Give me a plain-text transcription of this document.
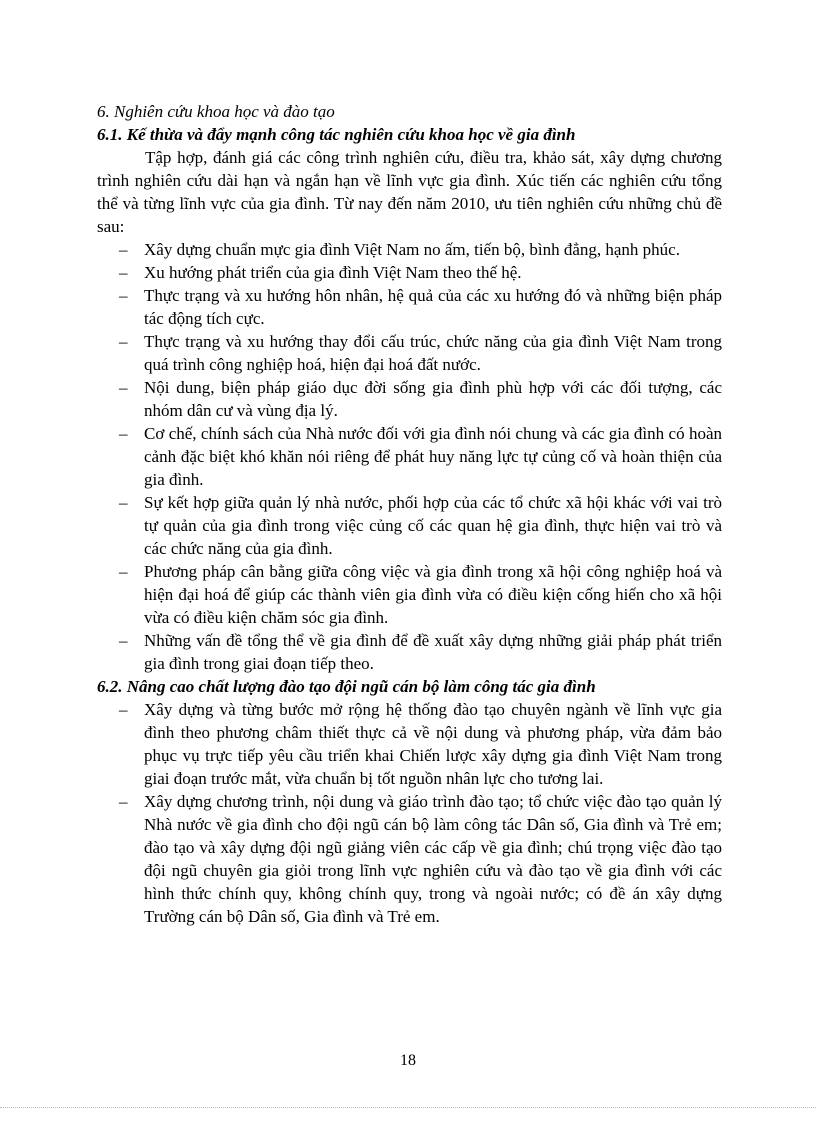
6. Nghiên cứu khoa học và đào tạo

6.1. Kế thừa và đẩy mạnh công tác nghiên cứu khoa học về gia đình

Tập hợp, đánh giá các công trình nghiên cứu, điều tra, khảo sát, xây dựng chương trình nghiên cứu dài hạn và ngắn hạn về lĩnh vực gia đình. Xúc tiến các nghiên cứu tổng thể và từng lĩnh vực của gia đình. Từ nay đến năm 2010, ưu tiên nghiên cứu những chủ đề sau:

– Xây dựng chuẩn mực gia đình Việt Nam no ấm, tiến bộ, bình đẳng, hạnh phúc.
– Xu hướng phát triển của gia đình Việt Nam theo thế hệ.
– Thực trạng và xu hướng hôn nhân, hệ quả của các xu hướng đó và những biện pháp tác động tích cực.
– Thực trạng và xu hướng thay đổi cấu trúc, chức năng của gia đình Việt Nam trong quá trình công nghiệp hoá, hiện đại hoá đất nước.
– Nội dung, biện pháp giáo dục đời sống gia đình phù hợp với các đối tượng, các nhóm dân cư và vùng địa lý.
– Cơ chế, chính sách của Nhà nước đối với gia đình nói chung và các gia đình có hoàn cảnh đặc biệt khó khăn nói riêng để phát huy năng lực tự củng cố và hoàn thiện của gia đình.
– Sự kết hợp giữa quản lý nhà nước, phối hợp của các tổ chức xã hội khác với vai trò tự quản của gia đình trong việc củng cố các quan hệ gia đình, thực hiện vai trò và các chức năng của gia đình.
– Phương pháp cân bằng giữa công việc và gia đình trong xã hội công nghiệp hoá và hiện đại hoá để giúp các thành viên gia đình vừa có điều kiện cống hiến cho xã hội vừa có điều kiện chăm sóc gia đình.
– Những vấn đề tổng thể về gia đình để đề xuất xây dựng những giải pháp phát triển gia đình trong giai đoạn tiếp theo.

6.2. Nâng cao chất lượng đào tạo đội ngũ cán bộ làm công tác gia đình

– Xây dựng và từng bước mở rộng hệ thống đào tạo chuyên ngành về lĩnh vực gia đình theo phương châm thiết thực cả về nội dung và phương pháp, vừa đảm bảo phục vụ trực tiếp yêu cầu triển khai Chiến lược xây dựng gia đình Việt Nam trong giai đoạn trước mắt, vừa chuẩn bị tốt nguồn nhân lực cho tương lai.
– Xây dựng chương trình, nội dung và giáo trình đào tạo; tổ chức việc đào tạo quản lý Nhà nước về gia đình cho đội ngũ cán bộ làm công tác Dân số, Gia đình và Trẻ em; đào tạo và xây dựng đội ngũ giảng viên các cấp về gia đình; chú trọng việc đào tạo đội ngũ chuyên gia giỏi trong lĩnh vực nghiên cứu và đào tạo về gia đình với các hình thức chính quy, không chính quy, trong và ngoài nước; có đề án xây dựng Trường cán bộ Dân số, Gia đình và Trẻ em.
18
